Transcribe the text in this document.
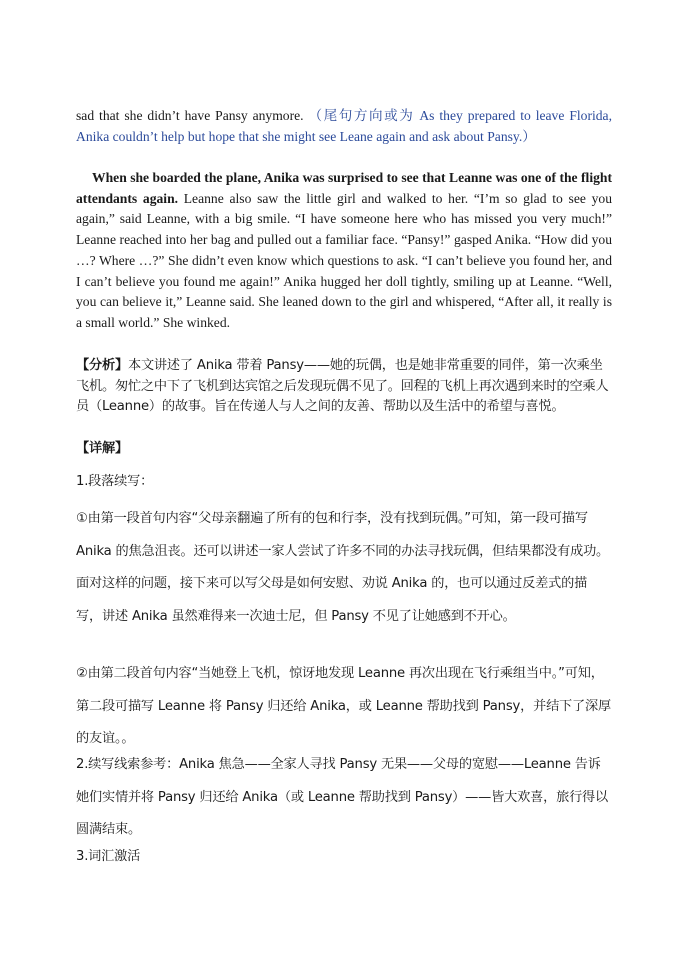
sad that she didn’t have Pansy anymore. （尾句方向或为 As they prepared to leave Florida, Anika couldn’t help but hope that she might see Leane again and ask about Pansy.）

When she boarded the plane, Anika was surprised to see that Leanne was one of the flight attendants again. Leanne also saw the little girl and walked to her. “I’m so glad to see you again,” said Leanne, with a big smile. “I have someone here who has missed you very much!” Leanne reached into her bag and pulled out a familiar face. “Pansy!” gasped Anika. “How did you …? Where …?” She didn’t even know which questions to ask. “I can’t believe you found her, and I can’t believe you found me again!” Anika hugged her doll tightly, smiling up at Leanne. “Well, you can believe it,” Leanne said. She leaned down to the girl and whispered, “After all, it really is a small world.” She winked.

【分析】本文讲述了 Anika 带着 Pansy——她的玩偶，也是她非常重要的同伴，第一次乘坐飞机。匆忙之中下了飞机到达宾馆之后发现玩偶不见了。回程的飞机上再次遇到来时的空乘人员（Leanne）的故事。旨在传递人与人之间的友善、帮助以及生活中的希望与喜悦。

【详解】

1.段落续写：

①由第一段首句内容“父母亲翻遍了所有的包和行李，没有找到玩偶。”可知，第一段可描写 Anika 的焦急沮丧。还可以讲述一家人尝试了许多不同的办法寻找玩偶，但结果都没有成功。面对这样的问题，接下来可以写父母是如何安慰、劝说 Anika 的，也可以通过反差式的描写，讲述 Anika 虽然难得来一次迪士尼，但 Pansy 不见了让她感到不开心。

②由第二段首句内容“当她登上飞机，惊讶地发现 Leanne 再次出现在飞行乘组当中。”可知，第二段可描写 Leanne 将 Pansy 归还给 Anika，或 Leanne 帮助找到 Pansy，并结下了深厚的友谊。。

2.续写线索参考：Anika 焦急——全家人寻找 Pansy 无果——父母的宽慰——Leanne 告诉她们实情并将 Pansy 归还给 Anika（或 Leanne 帮助找到 Pansy）——皆大欢喜，旅行得以圆满结束。

3.词汇激活
